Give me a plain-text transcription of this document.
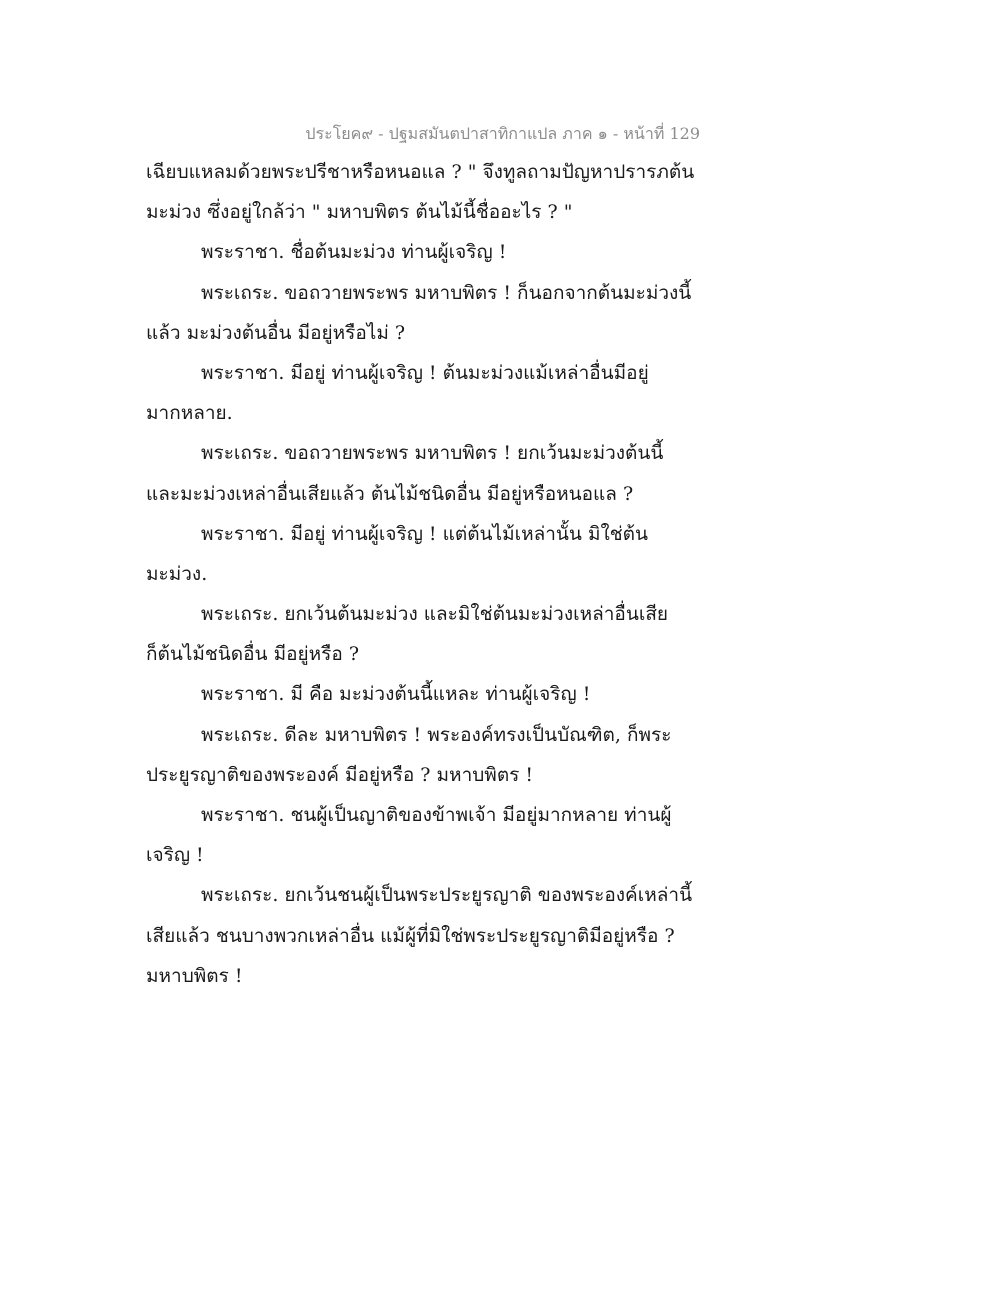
ประโยค๙ - ปฐมสมันตปาสาทิกาแปล ภาค ๑ - หน้าที่ 129
เฉียบแหลมด้วยพระปรีชาหรือหนอแล ? " จึงทูลถามปัญหาปรารภต้น
มะม่วง ซึ่งอยู่ใกล้ว่า " มหาบพิตร ต้นไม้นี้ชื่ออะไร ? "
พระราชา. ชื่อต้นมะม่วง ท่านผู้เจริญ !
พระเถระ. ขอถวายพระพร มหาบพิตร ! ก็นอกจากต้นมะม่วงนี้
แล้ว มะม่วงต้นอื่น มีอยู่หรือไม่ ?
พระราชา. มีอยู่ ท่านผู้เจริญ ! ต้นมะม่วงแม้เหล่าอื่นมีอยู่
มากหลาย.
พระเถระ. ขอถวายพระพร มหาบพิตร ! ยกเว้นมะม่วงต้นนี้
และมะม่วงเหล่าอื่นเสียแล้ว ต้นไม้ชนิดอื่น มีอยู่หรือหนอแล ?
พระราชา. มีอยู่ ท่านผู้เจริญ ! แต่ต้นไม้เหล่านั้น มิใช่ต้น
มะม่วง.
พระเถระ. ยกเว้นต้นมะม่วง และมิใช่ต้นมะม่วงเหล่าอื่นเสีย
ก็ต้นไม้ชนิดอื่น มีอยู่หรือ ?
พระราชา. มี คือ มะม่วงต้นนี้แหละ ท่านผู้เจริญ !
พระเถระ. ดีละ มหาบพิตร ! พระองค์ทรงเป็นบัณฑิต, ก็พระ
ประยูรญาติของพระองค์ มีอยู่หรือ ? มหาบพิตร !
พระราชา. ชนผู้เป็นญาติของข้าพเจ้า มีอยู่มากหลาย ท่านผู้
เจริญ !
พระเถระ. ยกเว้นชนผู้เป็นพระประยูรญาติ ของพระองค์เหล่านี้
เสียแล้ว ชนบางพวกเหล่าอื่น แม้ผู้ที่มิใช่พระประยูรญาติมีอยู่หรือ ?
มหาบพิตร !
